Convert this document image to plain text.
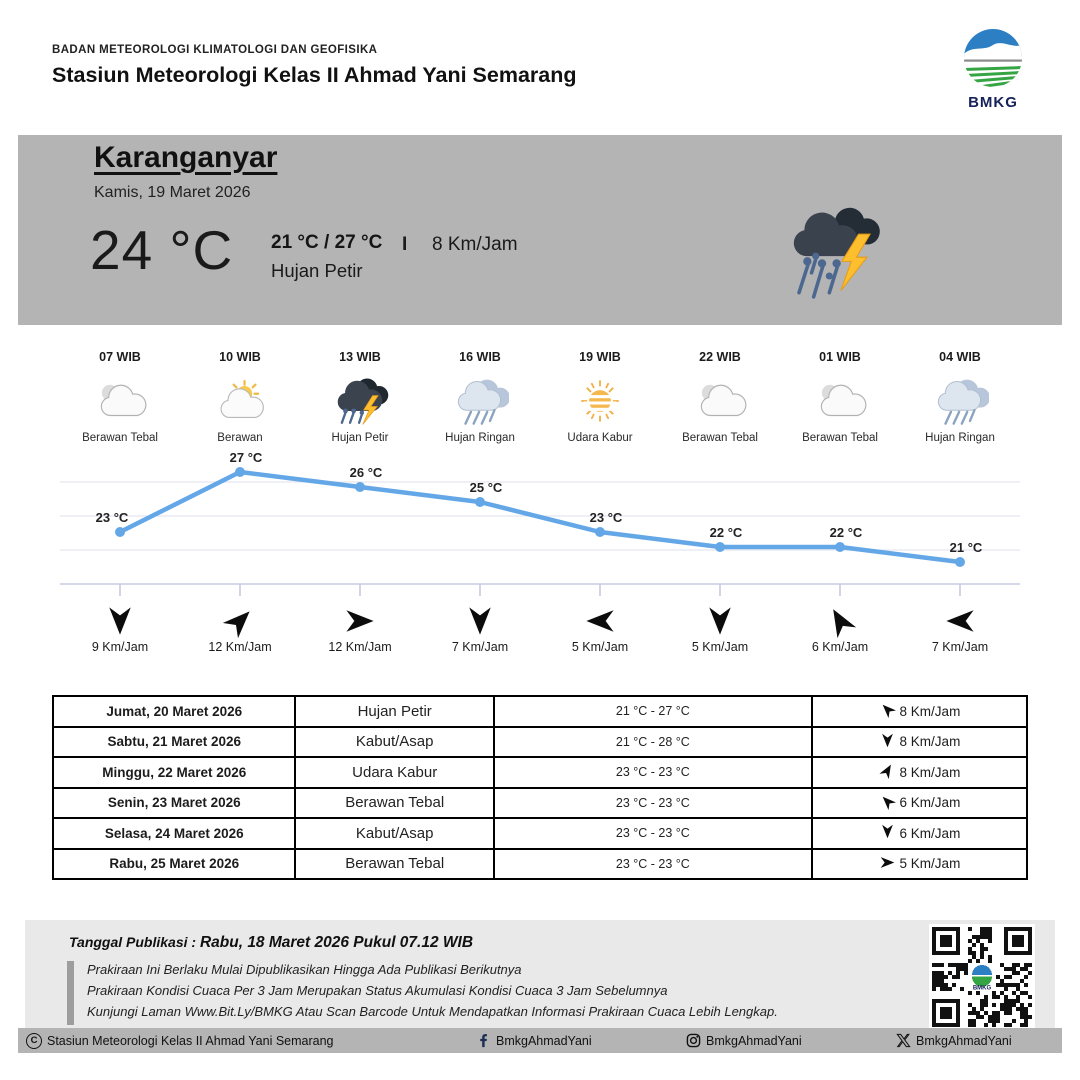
BADAN METEOROLOGI KLIMATOLOGI DAN GEOFISIKA
Stasiun Meteorologi Kelas II Ahmad Yani Semarang
BMKG
Karanganyar
Kamis, 19 Maret 2026
24 °C 21 °C / 27 °C
Hujan Petir
I 8 Km/Jam
07 WIB
Berawan Tebal
10 WIB
Berawan
13 WIB
Hujan Petir
16 WIB
Hujan Ringan
19 WIB
Udara Kabur
22 WIB
Berawan Tebal
01 WIB
Berawan Tebal
04 WIB
Hujan Ringan
23 °C
27 °C
26 °C
25 °C
23 °C
22 °C	22 °C
21 °C
9 Km/Jam	12 Km/Jam	12 Km/Jam	7 Km/Jam	5 Km/Jam	5 Km/Jam	6 Km/Jam	7 Km/Jam
Jumat, 20 Maret 2026	Hujan Petir	21 °C - 27 °C	8 Km/Jam

Sabtu, 21 Maret 2026	Kabut/Asap	21 °C - 28 °C	8 Km/Jam

Minggu, 22 Maret 2026	Udara Kabur	23 °C - 23 °C	8 Km/Jam

Senin, 23 Maret 2026	Berawan Tebal	23 °C - 23 °C	6 Km/Jam

Selasa, 24 Maret 2026	Kabut/Asap	23 °C - 23 °C	6 Km/Jam

Rabu, 25 Maret 2026	Berawan Tebal	23 °C - 23 °C	5 Km/Jam
Tanggal Publikasi : Rabu, 18 Maret 2026 Pukul 07.12 WIB
Prakiraan Ini Berlaku Mulai Dipublikasikan Hingga Ada Publikasi Berikutnya
Prakiraan Kondisi Cuaca Per 3 Jam Merupakan Status Akumulasi Kondisi Cuaca 3 Jam Sebelumnya
Kunjungi Laman Www.Bit.Ly/BMKG Atau Scan Barcode Untuk Mendapatkan Informasi Prakiraan Cuaca Lebih Lengkap.
BMKG
C Stasiun Meteorologi Kelas II Ahmad Yani Semarang	BmkgAhmadYani	BmkgAhmadYani	BmkgAhmadYani
